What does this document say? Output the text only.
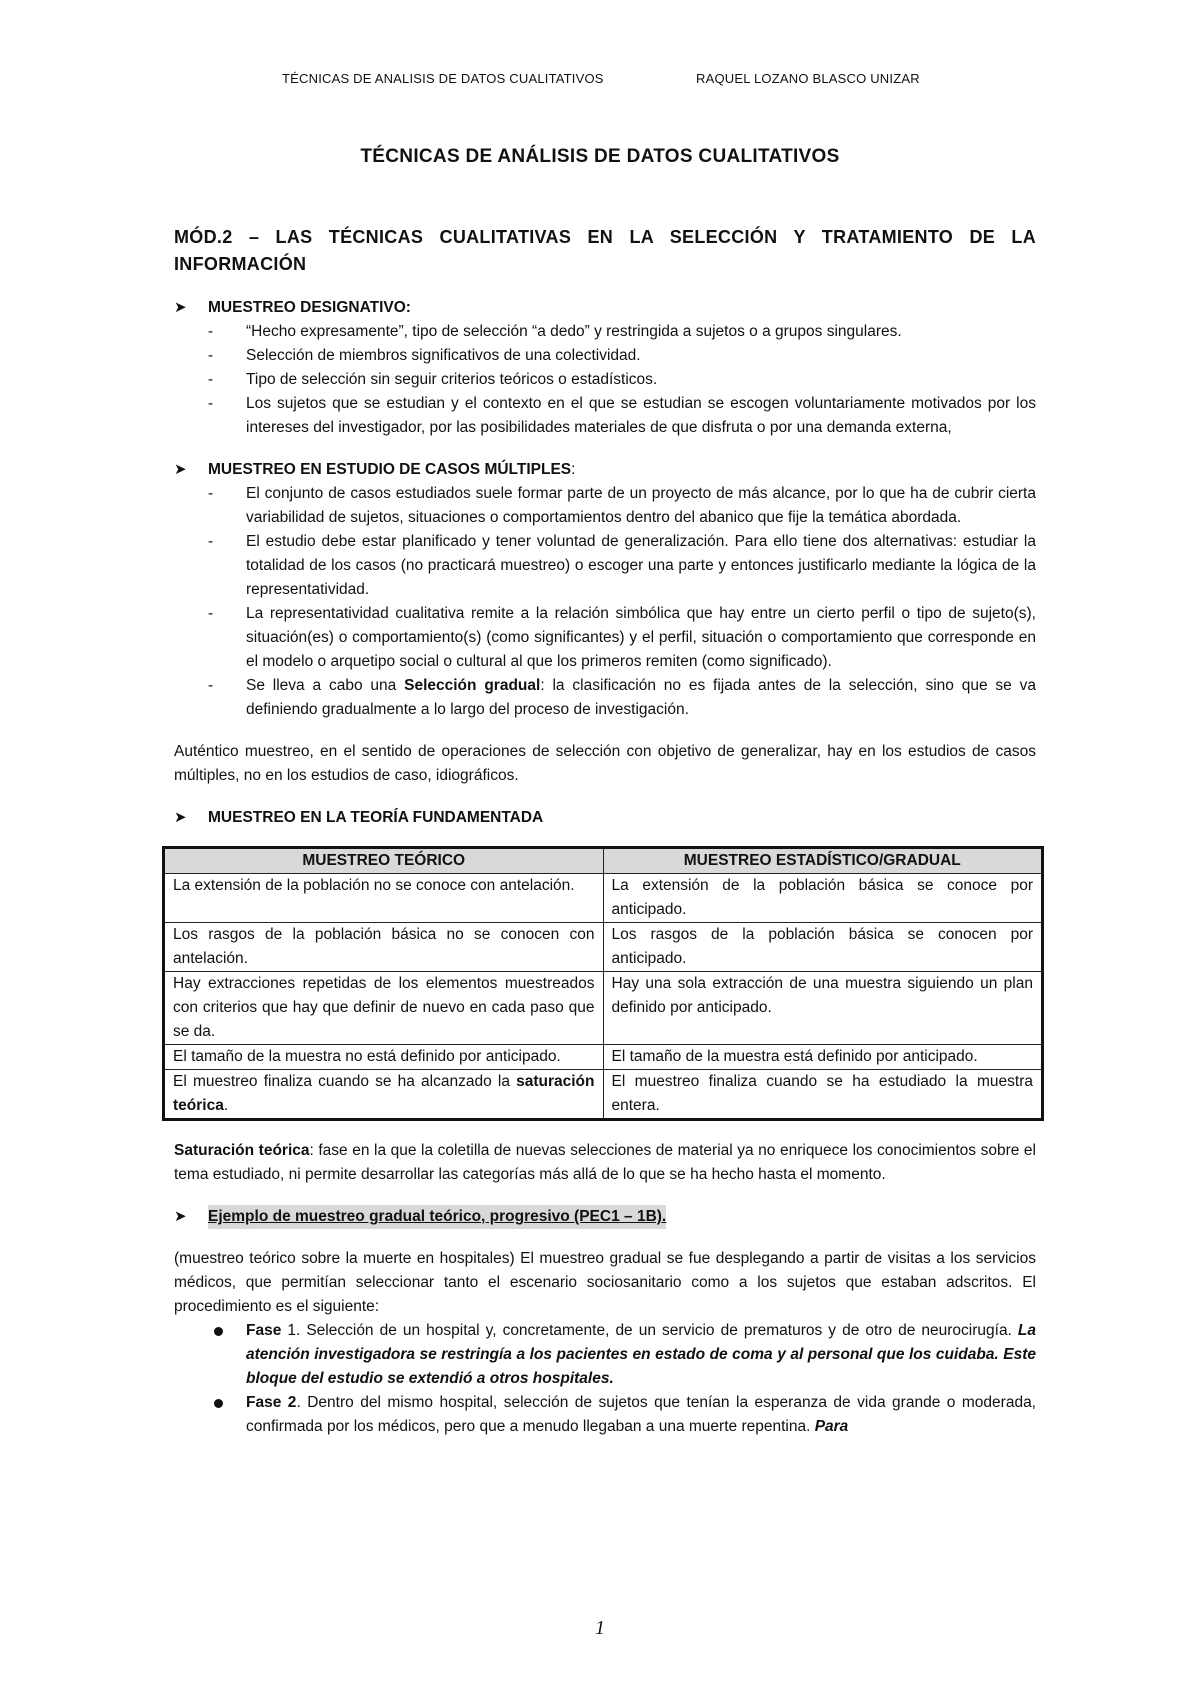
TÉCNICAS DE ANALISIS DE DATOS CUALITATIVOS	RAQUEL LOZANO BLASCO UNIZAR
TÉCNICAS DE ANÁLISIS DE DATOS CUALITATIVOS
MÓD.2 – LAS TÉCNICAS CUALITATIVAS EN LA SELECCIÓN Y TRATAMIENTO DE LA
INFORMACIÓN
➤	MUESTREO DESIGNATIVO:
- “Hecho expresamente”, tipo de selección “a dedo” y restringida a sujetos o a grupos singulares.
- Selección de miembros significativos de una colectividad.
- Tipo de selección sin seguir criterios teóricos o estadísticos.
- Los sujetos que se estudian y el contexto en el que se estudian se escogen voluntariamente motivados por los intereses del investigador, por las posibilidades materiales de que disfruta o por una demanda externa,
➤	MUESTREO EN ESTUDIO DE CASOS MÚLTIPLES:
- El conjunto de casos estudiados suele formar parte de un proyecto de más alcance, por lo que ha de cubrir cierta variabilidad de sujetos, situaciones o comportamientos dentro del abanico que fije la temática abordada.
- El estudio debe estar planificado y tener voluntad de generalización. Para ello tiene dos alternativas: estudiar la totalidad de los casos (no practicará muestreo) o escoger una parte y entonces justificarlo mediante la lógica de la representatividad.
- La representatividad cualitativa remite a la relación simbólica que hay entre un cierto perfil o tipo de sujeto(s), situación(es) o comportamiento(s) (como significantes) y el perfil, situación o comportamiento que corresponde en el modelo o arquetipo social o cultural al que los primeros remiten (como significado).
- Se lleva a cabo una Selección gradual: la clasificación no es fijada antes de la selección, sino que se va definiendo gradualmente a lo largo del proceso de investigación.

Auténtico muestreo, en el sentido de operaciones de selección con objetivo de generalizar, hay en los estudios de casos múltiples, no en los estudios de caso, idiográficos.

➤	MUESTREO EN LA TEORÍA FUNDAMENTADA
MUESTREO TEÓRICO	MUESTREO ESTADÍSTICO/GRADUAL
La extensión de la población no se conoce con antelación.	La extensión de la población básica se conoce por anticipado.
Los rasgos de la población básica no se conocen con antelación.	Los rasgos de la población básica se conocen por anticipado.
Hay extracciones repetidas de los elementos muestreados con criterios que hay que definir de nuevo en cada paso que se da.	Hay una sola extracción de una muestra siguiendo un plan definido por anticipado.
El tamaño de la muestra no está definido por anticipado.	El tamaño de la muestra está definido por anticipado.
El muestreo finaliza cuando se ha alcanzado la saturación teórica.	El muestreo finaliza cuando se ha estudiado la muestra entera.

Saturación teórica: fase en la que la coletilla de nuevas selecciones de material ya no enriquece los conocimientos sobre el tema estudiado, ni permite desarrollar las categorías más allá de lo que se ha hecho hasta el momento.

➤	Ejemplo de muestreo gradual teórico, progresivo (PEC1 – 1B).

(muestreo teórico sobre la muerte en hospitales) El muestreo gradual se fue desplegando a partir de visitas a los servicios médicos, que permitían seleccionar tanto el escenario sociosanitario como a los sujetos que estaban adscritos. El procedimiento es el siguiente:

Fase 1. Selección de un hospital y, concretamente, de un servicio de prematuros y de otro de neurocirugía. La atención investigadora se restringía a los pacientes en estado de coma y al personal que los cuidaba. Este bloque del estudio se extendió a otros hospitales.
Fase 2. Dentro del mismo hospital, selección de sujetos que tenían la esperanza de vida grande o moderada, confirmada por los médicos, pero que a menudo llegaban a una muerte repentina. Para
1
